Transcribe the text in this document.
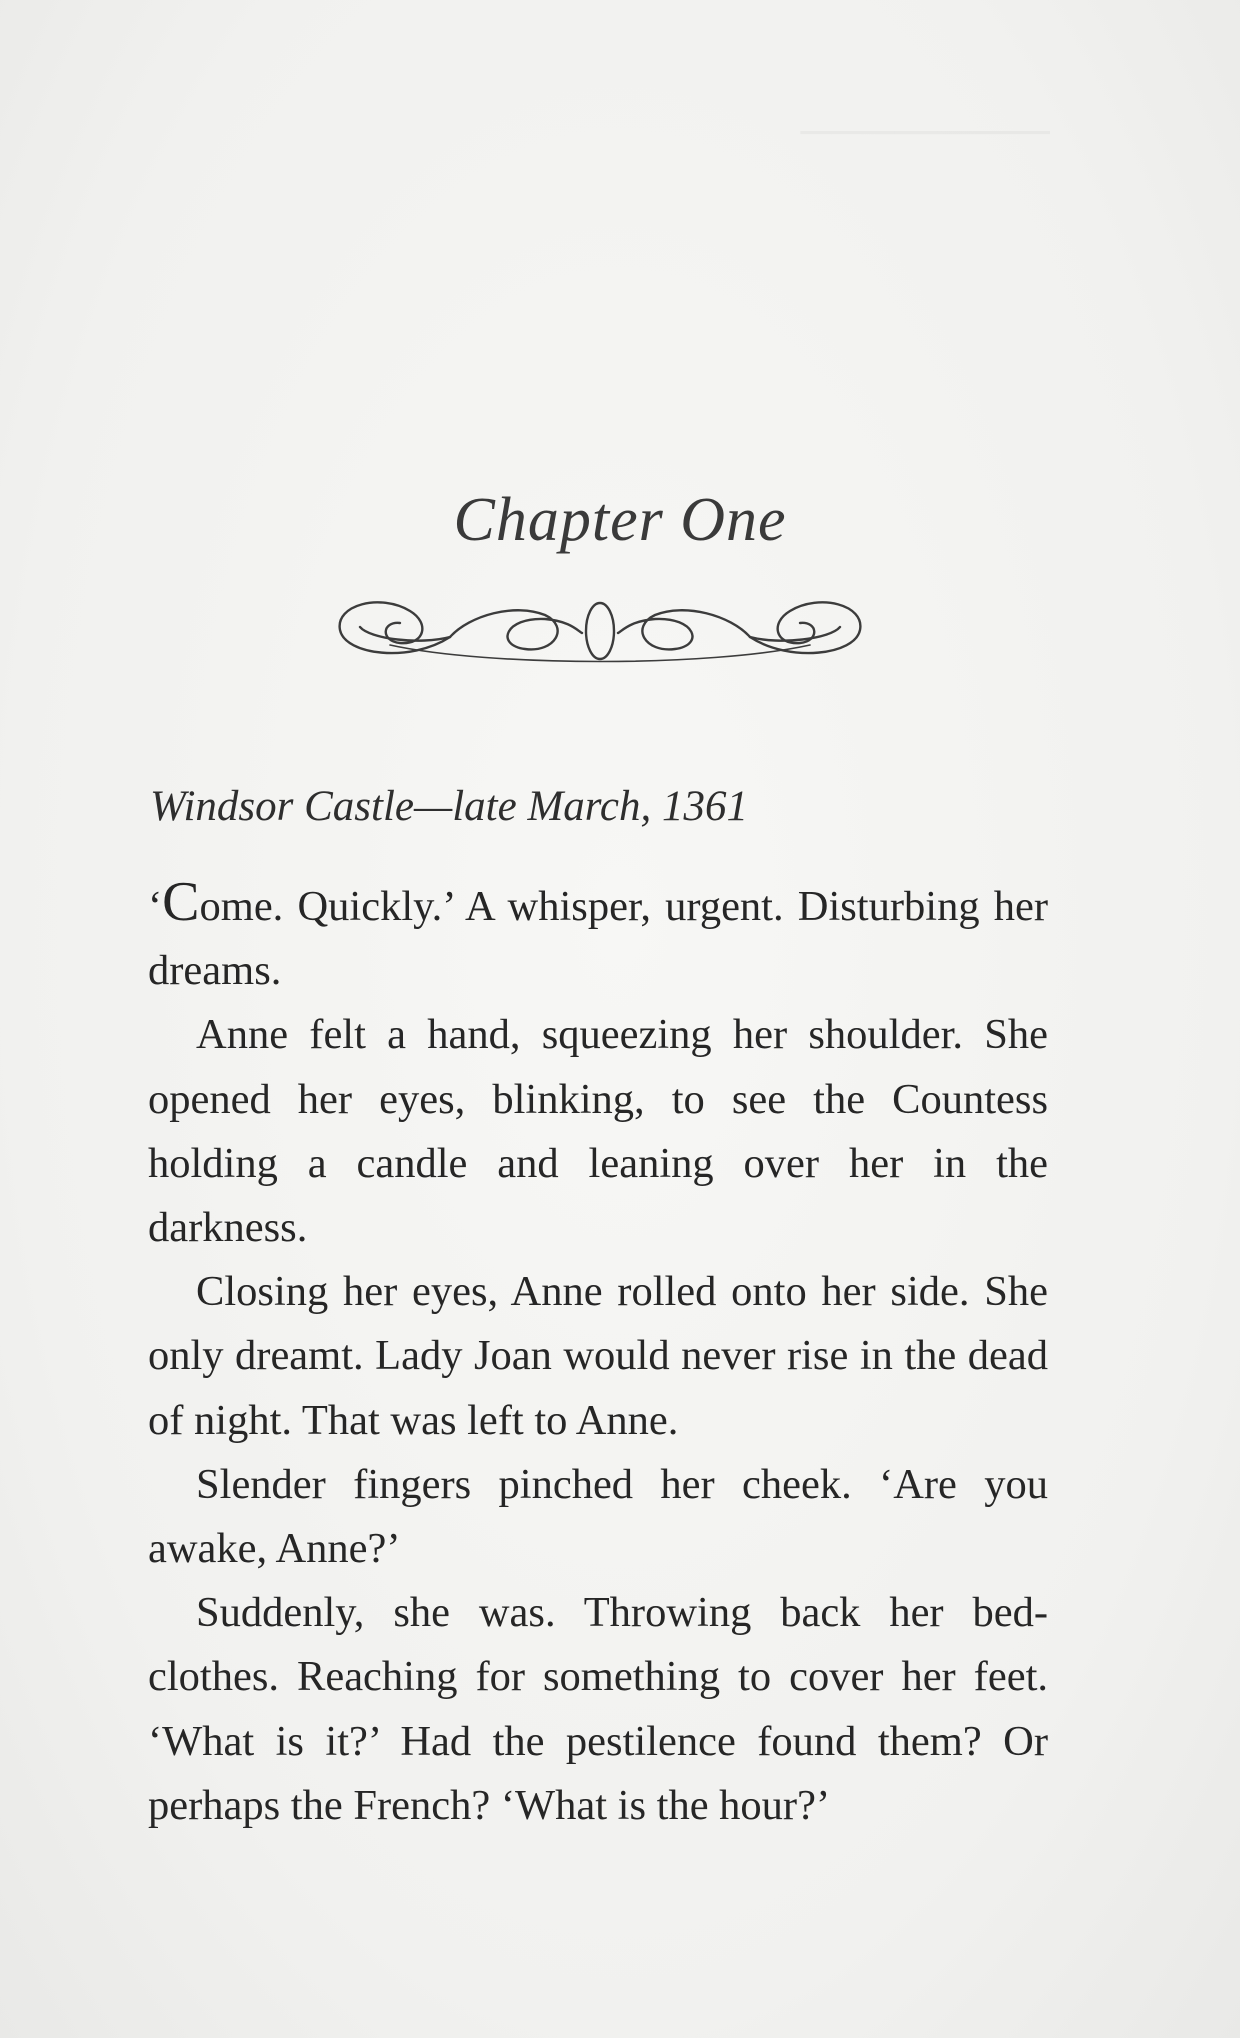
────────
Chapter One
Windsor Castle—late March, 1361

‘Come. Quickly.’ A whisper, urgent. Disturbing her dreams.

Anne felt a hand, squeezing her shoulder. She opened her eyes, blinking, to see the Countess holding a candle and leaning over her in the darkness.

Closing her eyes, Anne rolled onto her side. She only dreamt. Lady Joan would never rise in the dead of night. That was left to Anne.

Slender fingers pinched her cheek. ‘Are you awake, Anne?’

Suddenly, she was. Throwing back her bedclothes. Reaching for something to cover her feet. ‘What is it?’ Had the pestilence found them? Or perhaps the French? ‘What is the hour?’
